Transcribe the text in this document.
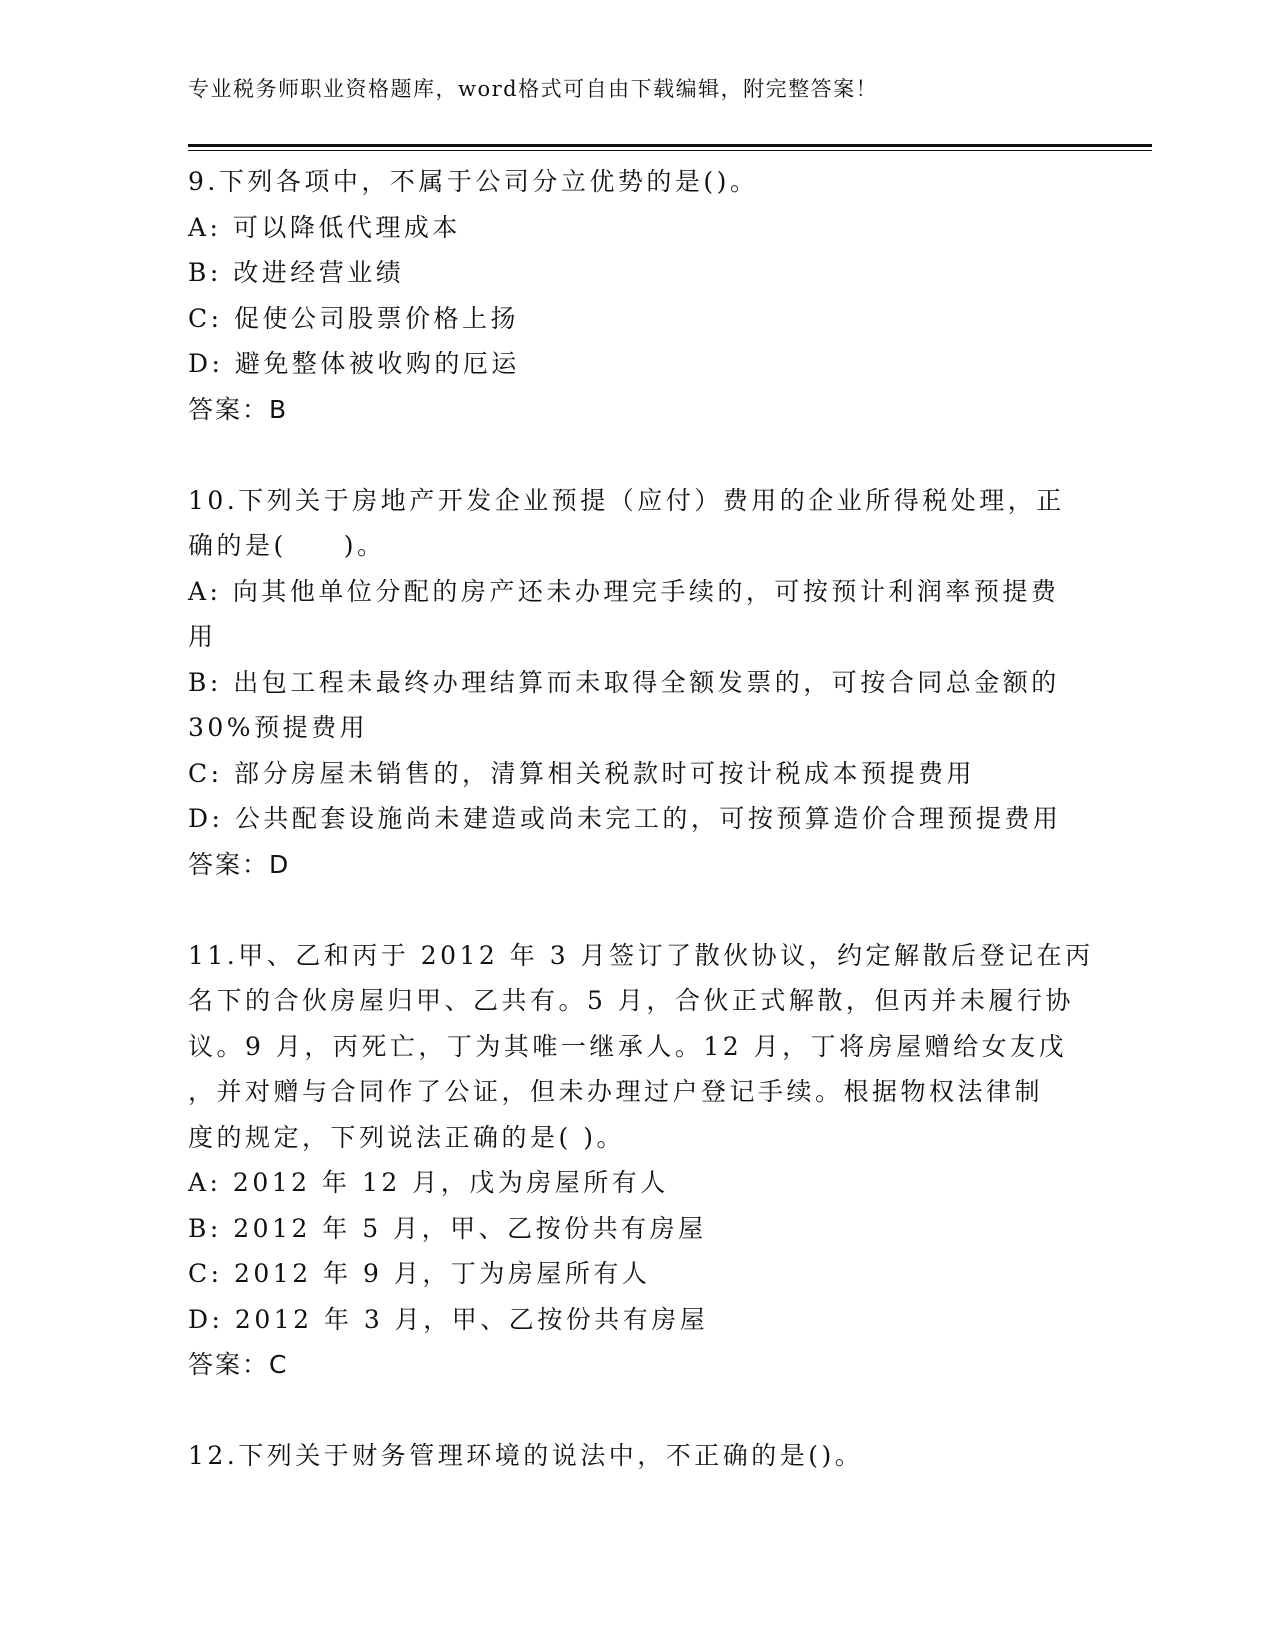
专业税务师职业资格题库，word格式可自由下载编辑，附完整答案！

9.下列各项中，不属于公司分立优势的是()。

A: 可以降低代理成本

B: 改进经营业绩

C: 促使公司股票价格上扬

D: 避免整体被收购的厄运

答案：B

10.下列关于房地产开发企业预提（应付）费用的企业所得税处理，正

确的是(　　)。

A: 向其他单位分配的房产还未办理完手续的，可按预计利润率预提费

用

B: 出包工程未最终办理结算而未取得全额发票的，可按合同总金额的

30%预提费用

C: 部分房屋未销售的，清算相关税款时可按计税成本预提费用

D: 公共配套设施尚未建造或尚未完工的，可按预算造价合理预提费用

答案：D

11.甲、乙和丙于 2012 年 3 月签订了散伙协议，约定解散后登记在丙

名下的合伙房屋归甲、乙共有。5 月，合伙正式解散，但丙并未履行协

议。9 月，丙死亡，丁为其唯一继承人。12 月，丁将房屋赠给女友戊

，并对赠与合同作了公证，但未办理过户登记手续。根据物权法律制

度的规定，下列说法正确的是( )。

A: 2012 年 12 月，戊为房屋所有人

B: 2012 年 5 月，甲、乙按份共有房屋

C: 2012 年 9 月，丁为房屋所有人

D: 2012 年 3 月，甲、乙按份共有房屋

答案：C

12.下列关于财务管理环境的说法中，不正确的是()。
